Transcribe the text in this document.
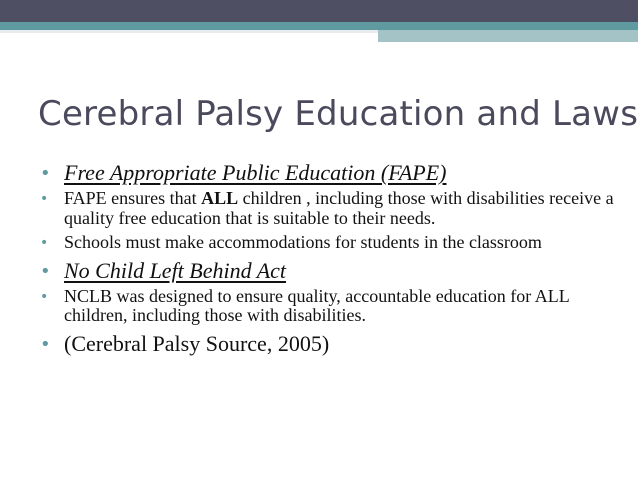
Cerebral Palsy Education and Laws
• Free Appropriate Public Education (FAPE)
• FAPE ensures that ALL children , including those with disabilities receive a quality free education that is suitable to their needs.
• Schools must make accommodations for students in the classroom
• No Child Left Behind Act
• NCLB was designed to ensure quality, accountable education for ALL children, including those with disabilities.
• (Cerebral Palsy Source, 2005)
